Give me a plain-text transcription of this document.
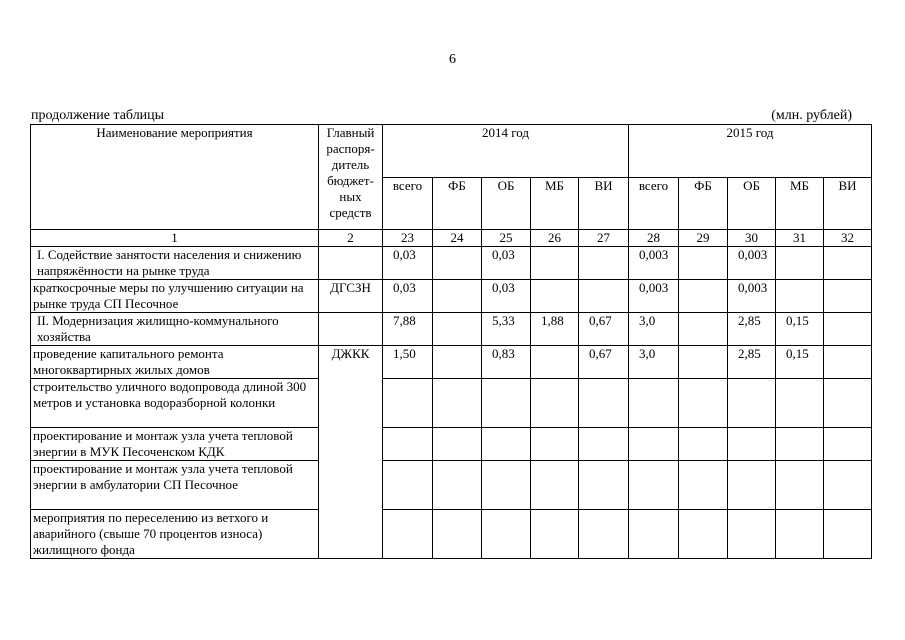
6
продолжение таблицы	(млн. рублей)
Наименование мероприятия	Главный распоря- дитель бюджет- ных средств	2014 год					2015 год				
		всего	ФБ	ОБ	МБ	ВИ	всего	ФБ	ОБ	МБ	ВИ
1	2	23	24	25	26	27	28	29	30	31	32
I. Содействие занятости населения и снижению напряжённости на рынке труда		0,03		0,03			0,003		0,003		
краткосрочные меры по улучшению ситуации на рынке труда СП Песочное	ДГСЗН	0,03		0,03			0,003		0,003		
II. Модернизация жилищно-коммунального хозяйства		7,88		5,33	1,88	0,67	3,0		2,85	0,15	
проведение капитального ремонта многоквартирных жилых домов	ДЖКК	1,50		0,83		0,67	3,0		2,85	0,15	
строительство уличного водопровода длиной 300 метров и установка водоразборной колонки											
проектирование и монтаж узла учета тепловой энергии в МУК Песоченском КДК											
проектирование и монтаж узла учета тепловой энергии в амбулатории СП Песочное											
мероприятия по переселению из ветхого и аварийного (свыше 70 процентов износа) жилищного фонда											
